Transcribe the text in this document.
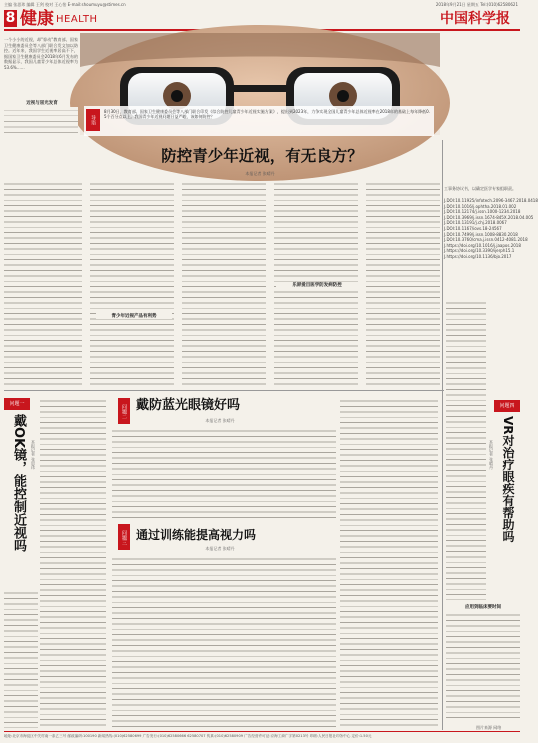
主编 张思玮 编辑 王剑 校对 王心怡 E-mail:shoumuyu@stimes.cn	2018年9月21日 星期五 Tel:(010)62580621
8 健康 HEALTH	中国科学报
导语
8月30日，教育部、国家卫生健康委员会等八部门联合印发《综合防控儿童青少年近视实施方案》，提出到2023年，力争实现全国儿童青少年总体近视率在2018年的基础上每年降低0.5个百分点以上。我国青少年近视问题日益严峻，该如何防控？
防控青少年近视，有无良方？
本报记者 张晴丹
一个小小的近视，却"惊动"教育部、国家卫生健康委员会等八部门联合发文加以防控。近年来，我国学生近视率居高不下，据国家卫生健康委员会2018年6月发布的数据显示，我国儿童青少年总体近视率为53.6%……
近视与屈光发育
工事务协议书，以确定医学专家组职责。
J.DOI:10.11925/infotech.2096-3467.2018.0418
J.DOI:10.1016/j.ophtha.2018.01.002
J.DOI:10.12174/j.issn.1000-1234.2018
J.DOI:10.3969/j.issn.1674-845X.2018.04.005
J.DOI:10.13191/j.chj.2018.0067
J.DOI:10.1167/iovs.18-24567
J.DOI:10.7499/j.issn.1008-8830.2018
J.DOI:10.3760/cma.j.issn.0412-4081.2018
J.https://doi.org/10.1016/j.jaapos.2018
J.https://doi.org/10.3390/ijerph15.1
J.https://doi.org/10.1136/bjo.2017
青少年近视产品有利势
乐屏爱目医学防发病防控
问题一
戴OK镜，能控制近视吗 本报记者 张思玮
问题二 戴防蓝光眼镜好吗
本报记者 张晴丹
问题三 通过训练能提高视力吗
本报记者 张晴丹
问题四
VR对治疗眼疾有帮助吗
本报记者 张晴丹
应用到临床要时间
图片来源 网络
地址:北京市海淀区中关村南一条乙三号 邮政编码:100190 新闻热线:(010)62580699 广告发行:(010)62580666 62580707 传真:(010)62580909 广告经营许可证:京海工商广字第0213号 印刷:人民日报社印务中心 定价:1.50元
